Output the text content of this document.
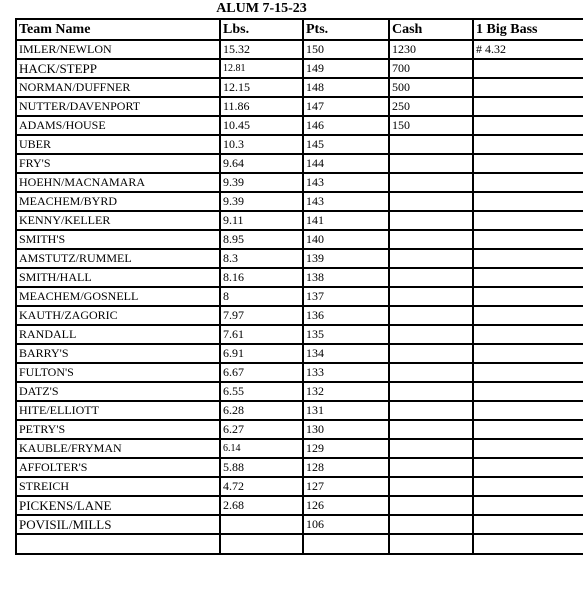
ALUM 7-15-23
Team Name	Lbs.	Pts.	Cash	1 Big Bass
IMLER/NEWLON	15.32	150	1230	# 4.32
HACK/STEPP	12.81	149	700	
NORMAN/DUFFNER	12.15	148	500	
NUTTER/DAVENPORT	11.86	147	250	
ADAMS/HOUSE	10.45	146	150	
UBER	10.3	145		
FRY'S	9.64	144		
HOEHN/MACNAMARA	9.39	143		
MEACHEM/BYRD	9.39	143		
KENNY/KELLER	9.11	141		
SMITH'S	8.95	140		
AMSTUTZ/RUMMEL	8.3	139		
SMITH/HALL	8.16	138		
MEACHEM/GOSNELL	8	137		
KAUTH/ZAGORIC	7.97	136		
RANDALL	7.61	135		
BARRY'S	6.91	134		
FULTON'S	6.67	133		
DATZ'S	6.55	132		
HITE/ELLIOTT	6.28	131		
PETRY'S	6.27	130		
KAUBLE/FRYMAN	6.14	129		
AFFOLTER'S	5.88	128		
STREICH	4.72	127		
PICKENS/LANE	2.68	126		
POVISIL/MILLS		106		
